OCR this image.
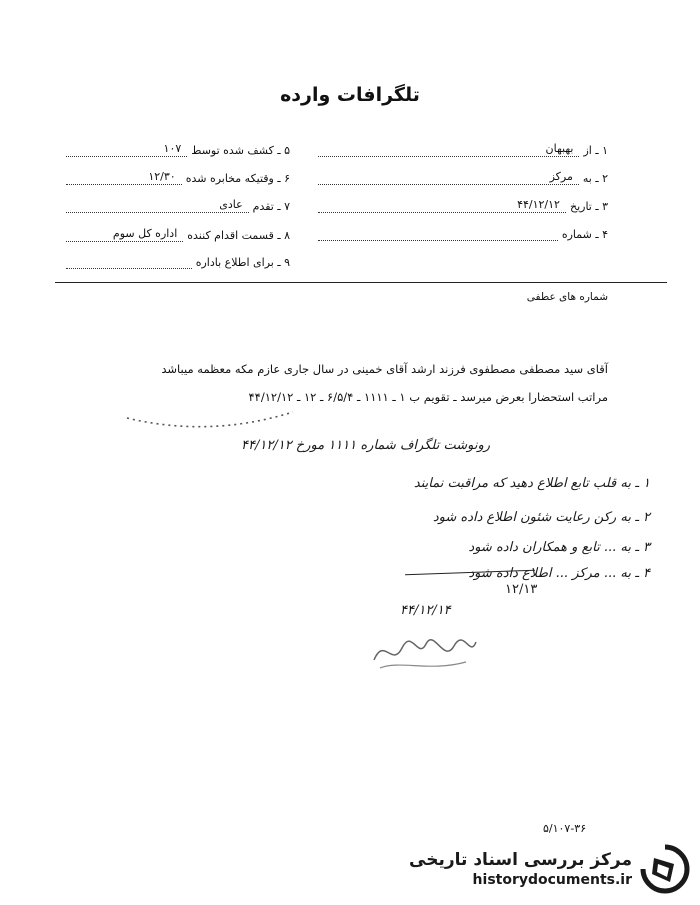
تلگرافات وارده
۱ ـ از
بهبهان
۲ ـ به
مرکز
۳ ـ تاریخ
۴۴/۱۲/۱۲
۴ ـ شماره
۵ ـ کشف شده توسط
۱۰۷
۶ ـ وقتیکه مخابره شده
۱۲/۳۰
۷ ـ تقدم
عادی
۸ ـ قسمت اقدام کننده
اداره کل سوم
۹ ـ برای اطلاع باداره
شماره های عطفی
آقای سید مصطفی مصطفوی فرزند ارشد آقای خمینی در سال جاری عازم مکه معظمه میباشد
مراتب استحضارا بعرض میرسد ـ تقویم ب ۱ ـ ۱۱۱۱ ـ ۶/۵/۴ ـ ۱۲ ـ ۴۴/۱۲/۱۲
رونوشت تلگراف شماره ۱۱۱۱ مورخ ۴۴/۱۲/۱۲
۱ ـ به قلب تابع اطلاع دهید که مراقبت نمایند
۲ ـ به رکن رعایت شئون اطلاع داده شود
۳ ـ به ... تابع و همکاران داده شود
۴ ـ به ... مرکز ... اطلاع داده شود
۱۲/۱۳
۴۴/۱۲/۱۴
۵/۱۰۷-۳۶
مرکز بررسی اسناد تاریخی
historydocuments.ir
